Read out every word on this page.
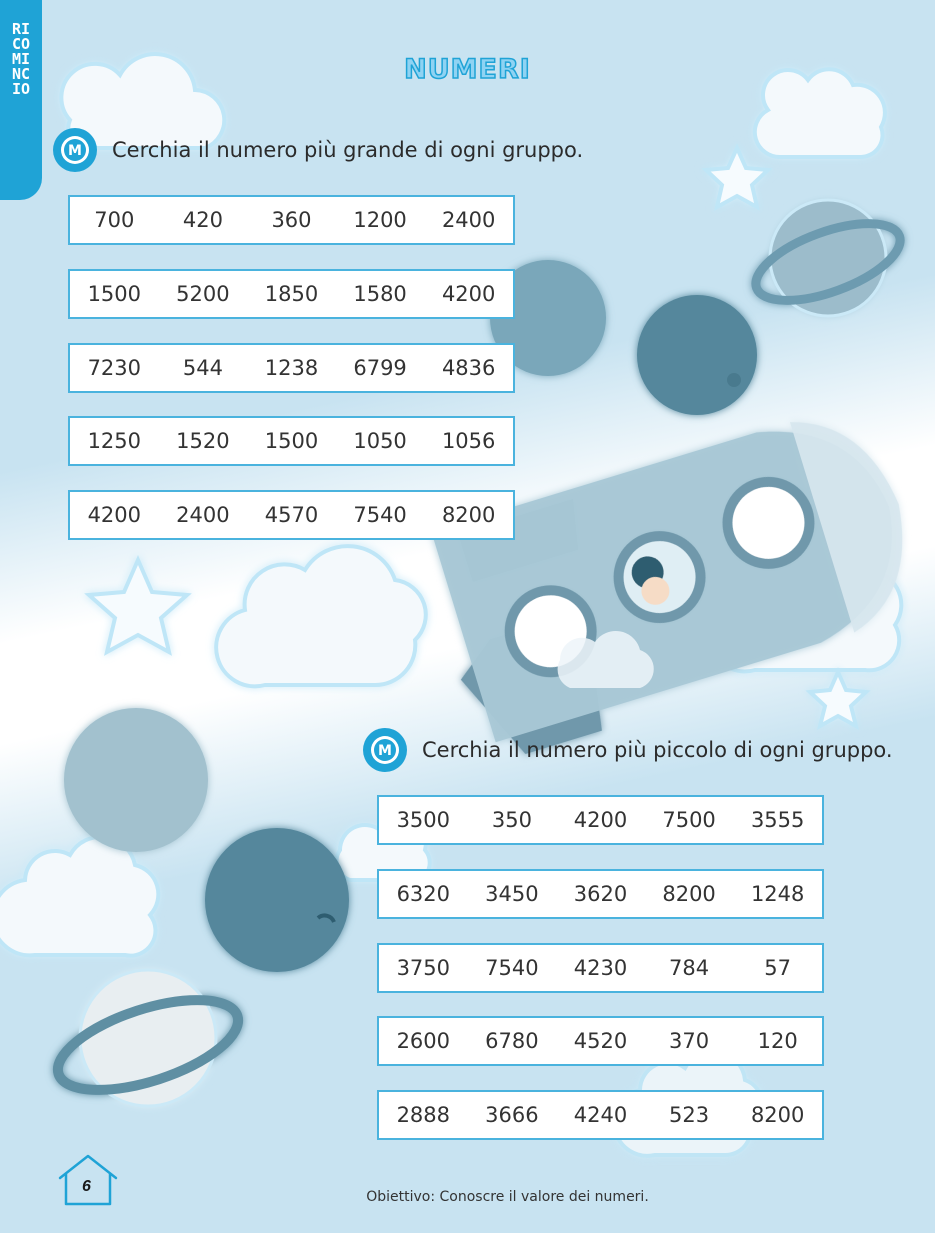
RICOMINCIO
NUMERI
M Cerchia il numero più grande di ogni gruppo.
700	420	360	1200	2400
1500	5200	1850	1580	4200
7230	544	1238	6799	4836
1250	1520	1500	1050	1056
4200	2400	4570	7540	8200
M Cerchia il numero più piccolo di ogni gruppo.
3500	350	4200	7500	3555
6320	3450	3620	8200	1248
3750	7540	4230	784	57
2600	6780	4520	370	120
2888	3666	4240	523	8200
6
Obiettivo: Conoscre il valore dei numeri.
